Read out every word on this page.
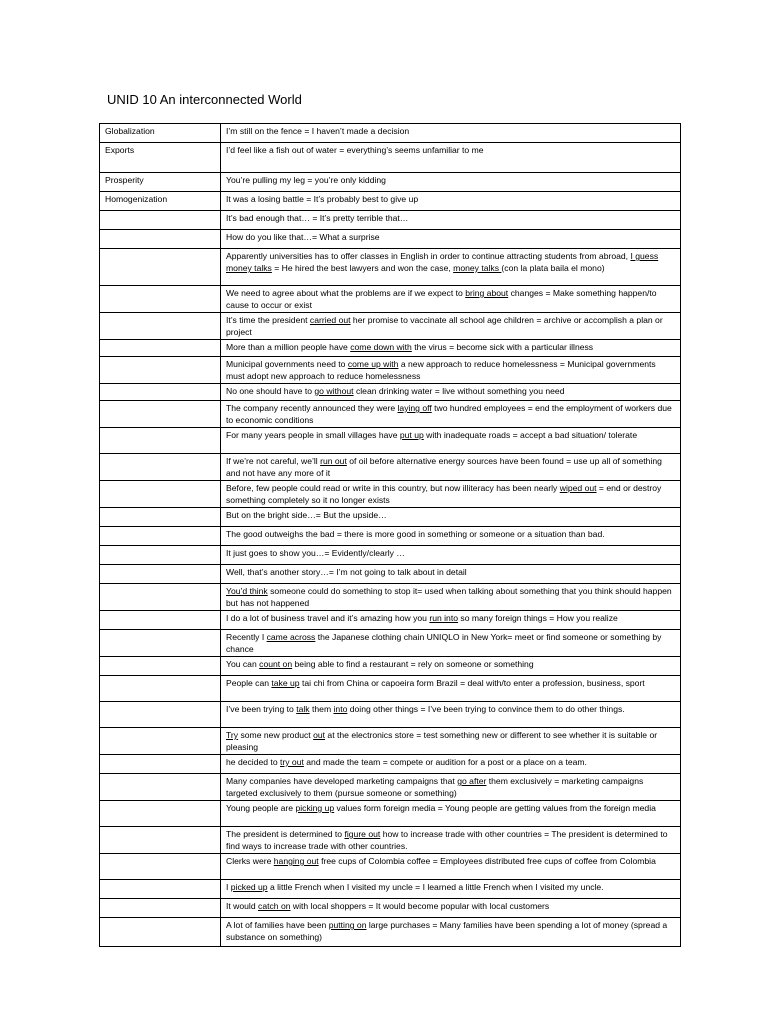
UNID 10 An interconnected World
Globalization	I’m still on the fence = I haven’t made a decision
Exports	I’d feel like a fish out of water = everything’s seems unfamiliar to me
Prosperity	You’re pulling my leg = you’re only kidding
Homogenization	It was a losing battle = It’s probably best to give up
	It’s bad enough that… = It’s pretty terrible that…
	How do you like that…= What a surprise
	Apparently universities has to offer classes in English in order to continue attracting students from abroad, I guess money talks = He hired the best lawyers and won the case, money talks (con la plata baila el mono)
	We need to agree about what the problems are if we expect to bring about changes = Make something happen/to cause to occur or exist
	It’s time the president carried out her promise to vaccinate all school age children = archive or accomplish a plan or project
	More than a million people have come down with the virus = become sick with a particular illness
	Municipal governments need to come up with a new approach to reduce homelessness = Municipal governments must adopt new approach to reduce homelessness
	No one should have to go without clean drinking water = live without something you need
	The company recently announced they were laying off two hundred employees = end the employment of workers due to economic conditions
	For many years people in small villages have put up with inadequate roads = accept a bad situation/ tolerate
	If we’re not careful, we’ll run out of oil before alternative energy sources have been found = use up all of something and not have any more of it
	Before, few people could read or write in this country, but now illiteracy has been nearly wiped out = end or destroy something completely so it no longer exists
	But on the bright side…= But the upside…
	The good outweighs the bad = there is more good in something or someone or a situation than bad.
	It just goes to show you…= Evidently/clearly …
	Well, that’s another story…= I’m not going to talk about in detail
	You’d think someone could do something to stop it= used when talking about something that you think should happen but has not happened
	I do a lot of business travel and it’s amazing how you run into so many foreign things = How you realize
	Recently I came across the Japanese clothing chain UNIQLO in New York= meet or find someone or something by chance
	You can count on being able to find a restaurant = rely on someone or something
	People can take up tai chi from China or capoeira form Brazil = deal with/to enter a profession, business, sport
	I’ve been trying to talk them into doing other things = I’ve been trying to convince them to do other things.
	Try some new product out at the electronics store = test something new or different to see whether it is suitable or pleasing
	he decided to try out and made the team = compete or audition for a post or a place on a team.
	Many companies have developed marketing campaigns that go after them exclusively = marketing campaigns targeted exclusively to them (pursue someone or something)
	Young people are picking up values form foreign media = Young people are getting values from the foreign media
	The president is determined to figure out how to increase trade with other countries = The president is determined to find ways to increase trade with other countries.
	Clerks were hanging out free cups of Colombia coffee = Employees distributed free cups of coffee from Colombia
	I picked up a little French when I visited my uncle = I learned a little French when I visited my uncle.
	It would catch on with local shoppers = It would become popular with local customers
	A lot of families have been putting on large purchases = Many families have been spending a lot of money (spread a substance on something)
